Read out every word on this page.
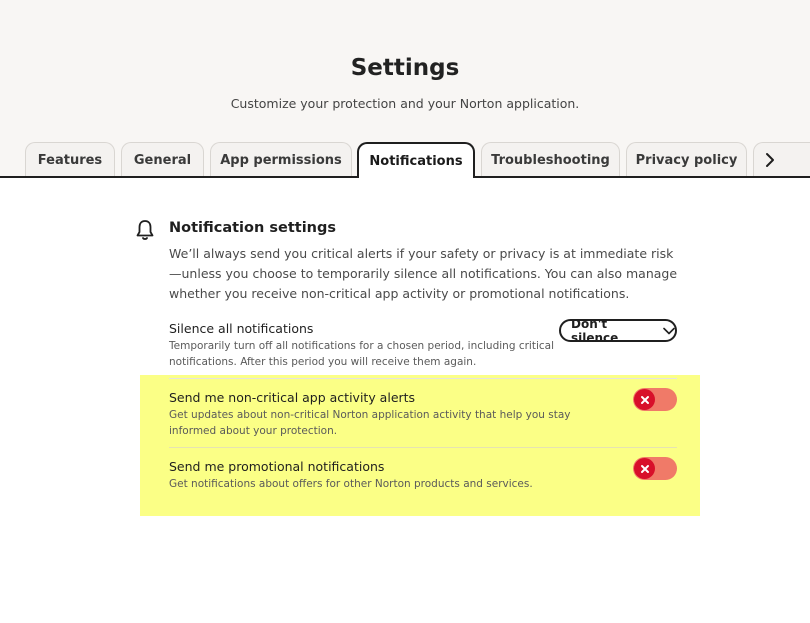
Settings
Customize your protection and your Norton application.
Features General App permissions Notifications Troubleshooting Privacy policy
Notification settings
We’ll always send you critical alerts if your safety or privacy is at immediate risk—unless you choose to temporarily silence all notifications. You can also manage whether you receive non-critical app activity or promotional notifications.
Silence all notifications
Temporarily turn off all notifications for a chosen period, including critical notifications. After this period you will receive them again.
Don't silence
Send me non-critical app activity alerts
Get updates about non-critical Norton application activity that help you stay informed about your protection.
Send me promotional notifications
Get notifications about offers for other Norton products and services.
